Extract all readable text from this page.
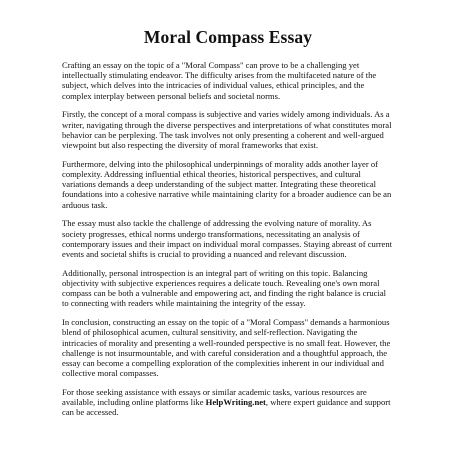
Moral Compass Essay

Crafting an essay on the topic of a "Moral Compass" can prove to be a challenging yet intellectually stimulating endeavor. The difficulty arises from the multifaceted nature of the subject, which delves into the intricacies of individual values, ethical principles, and the complex interplay between personal beliefs and societal norms.

Firstly, the concept of a moral compass is subjective and varies widely among individuals. As a writer, navigating through the diverse perspectives and interpretations of what constitutes moral behavior can be perplexing. The task involves not only presenting a coherent and well-argued viewpoint but also respecting the diversity of moral frameworks that exist.

Furthermore, delving into the philosophical underpinnings of morality adds another layer of complexity. Addressing influential ethical theories, historical perspectives, and cultural variations demands a deep understanding of the subject matter. Integrating these theoretical foundations into a cohesive narrative while maintaining clarity for a broader audience can be an arduous task.

The essay must also tackle the challenge of addressing the evolving nature of morality. As society progresses, ethical norms undergo transformations, necessitating an analysis of contemporary issues and their impact on individual moral compasses. Staying abreast of current events and societal shifts is crucial to providing a nuanced and relevant discussion.

Additionally, personal introspection is an integral part of writing on this topic. Balancing objectivity with subjective experiences requires a delicate touch. Revealing one's own moral compass can be both a vulnerable and empowering act, and finding the right balance is crucial to connecting with readers while maintaining the integrity of the essay.

In conclusion, constructing an essay on the topic of a "Moral Compass" demands a harmonious blend of philosophical acumen, cultural sensitivity, and self-reflection. Navigating the intricacies of morality and presenting a well-rounded perspective is no small feat. However, the challenge is not insurmountable, and with careful consideration and a thoughtful approach, the essay can become a compelling exploration of the complexities inherent in our individual and collective moral compasses.

For those seeking assistance with essays or similar academic tasks, various resources are available, including online platforms like HelpWriting.net, where expert guidance and support can be accessed.
